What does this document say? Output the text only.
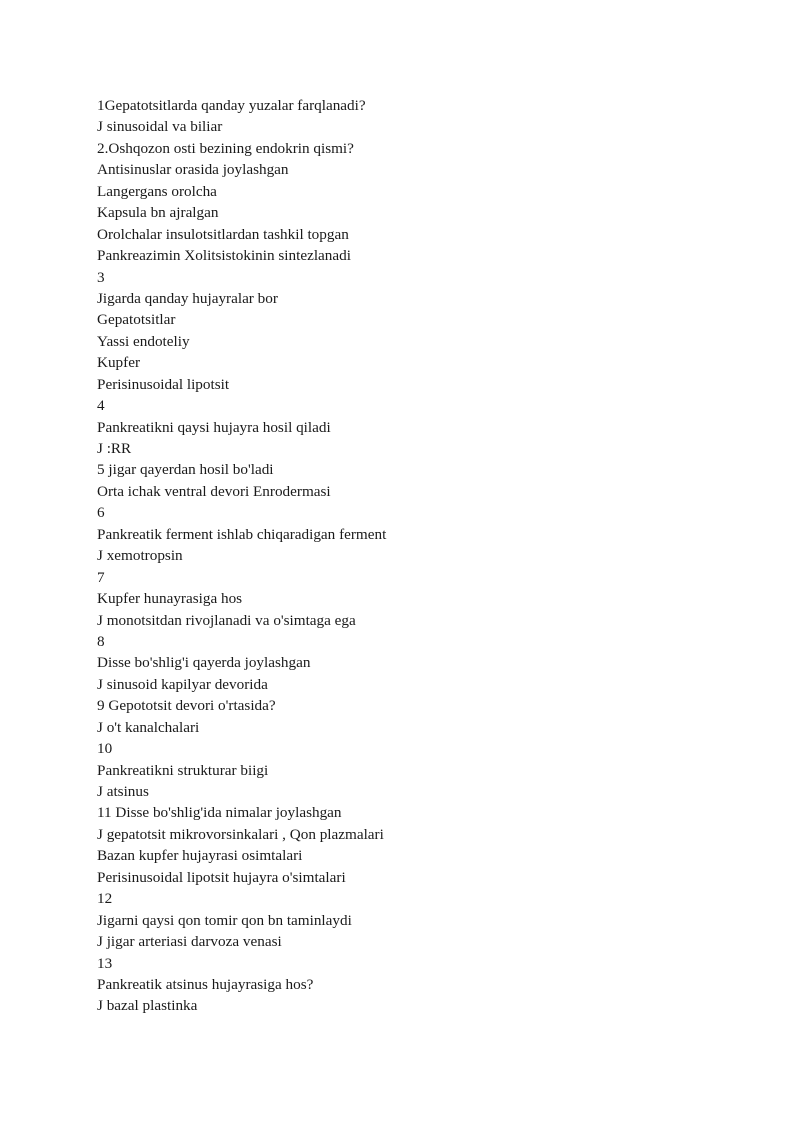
1Gepatotsitlarda qanday yuzalar farqlanadi?
J sinusoidal va biliar
2.Oshqozon osti bezining endokrin qismi?
Antisinuslar orasida joylashgan
Langergans orolcha
Kapsula bn ajralgan
Orolchalar insulotsitlardan tashkil topgan
Pankreazimin Xolitsistokinin sintezlanadi
3
Jigarda qanday hujayralar bor
Gepatotsitlar
Yassi endoteliy
Kupfer
Perisinusoidal lipotsit
4
Pankreatikni qaysi hujayra hosil qiladi
J :RR
5 jigar qayerdan hosil bo'ladi
Orta ichak ventral devori Enrodermasi
6
Pankreatik ferment ishlab chiqaradigan ferment
J xemotropsin
7
Kupfer hunayrasiga hos
J monotsitdan rivojlanadi va o'simtaga ega
8
Disse bo'shlig'i qayerda joylashgan
J sinusoid kapilyar devorida
9 Gepototsit devori o'rtasida?
J o't kanalchalari
10
Pankreatikni strukturar biigi
J atsinus
11 Disse bo'shlig'ida nimalar joylashgan
J gepatotsit mikrovorsinkalari , Qon plazmalari
Bazan kupfer hujayrasi osimtalari
Perisinusoidal lipotsit hujayra o'simtalari
12
Jigarni qaysi qon tomir qon bn taminlaydi
J jigar arteriasi darvoza venasi
13
Pankreatik atsinus hujayrasiga hos?
J bazal plastinka
